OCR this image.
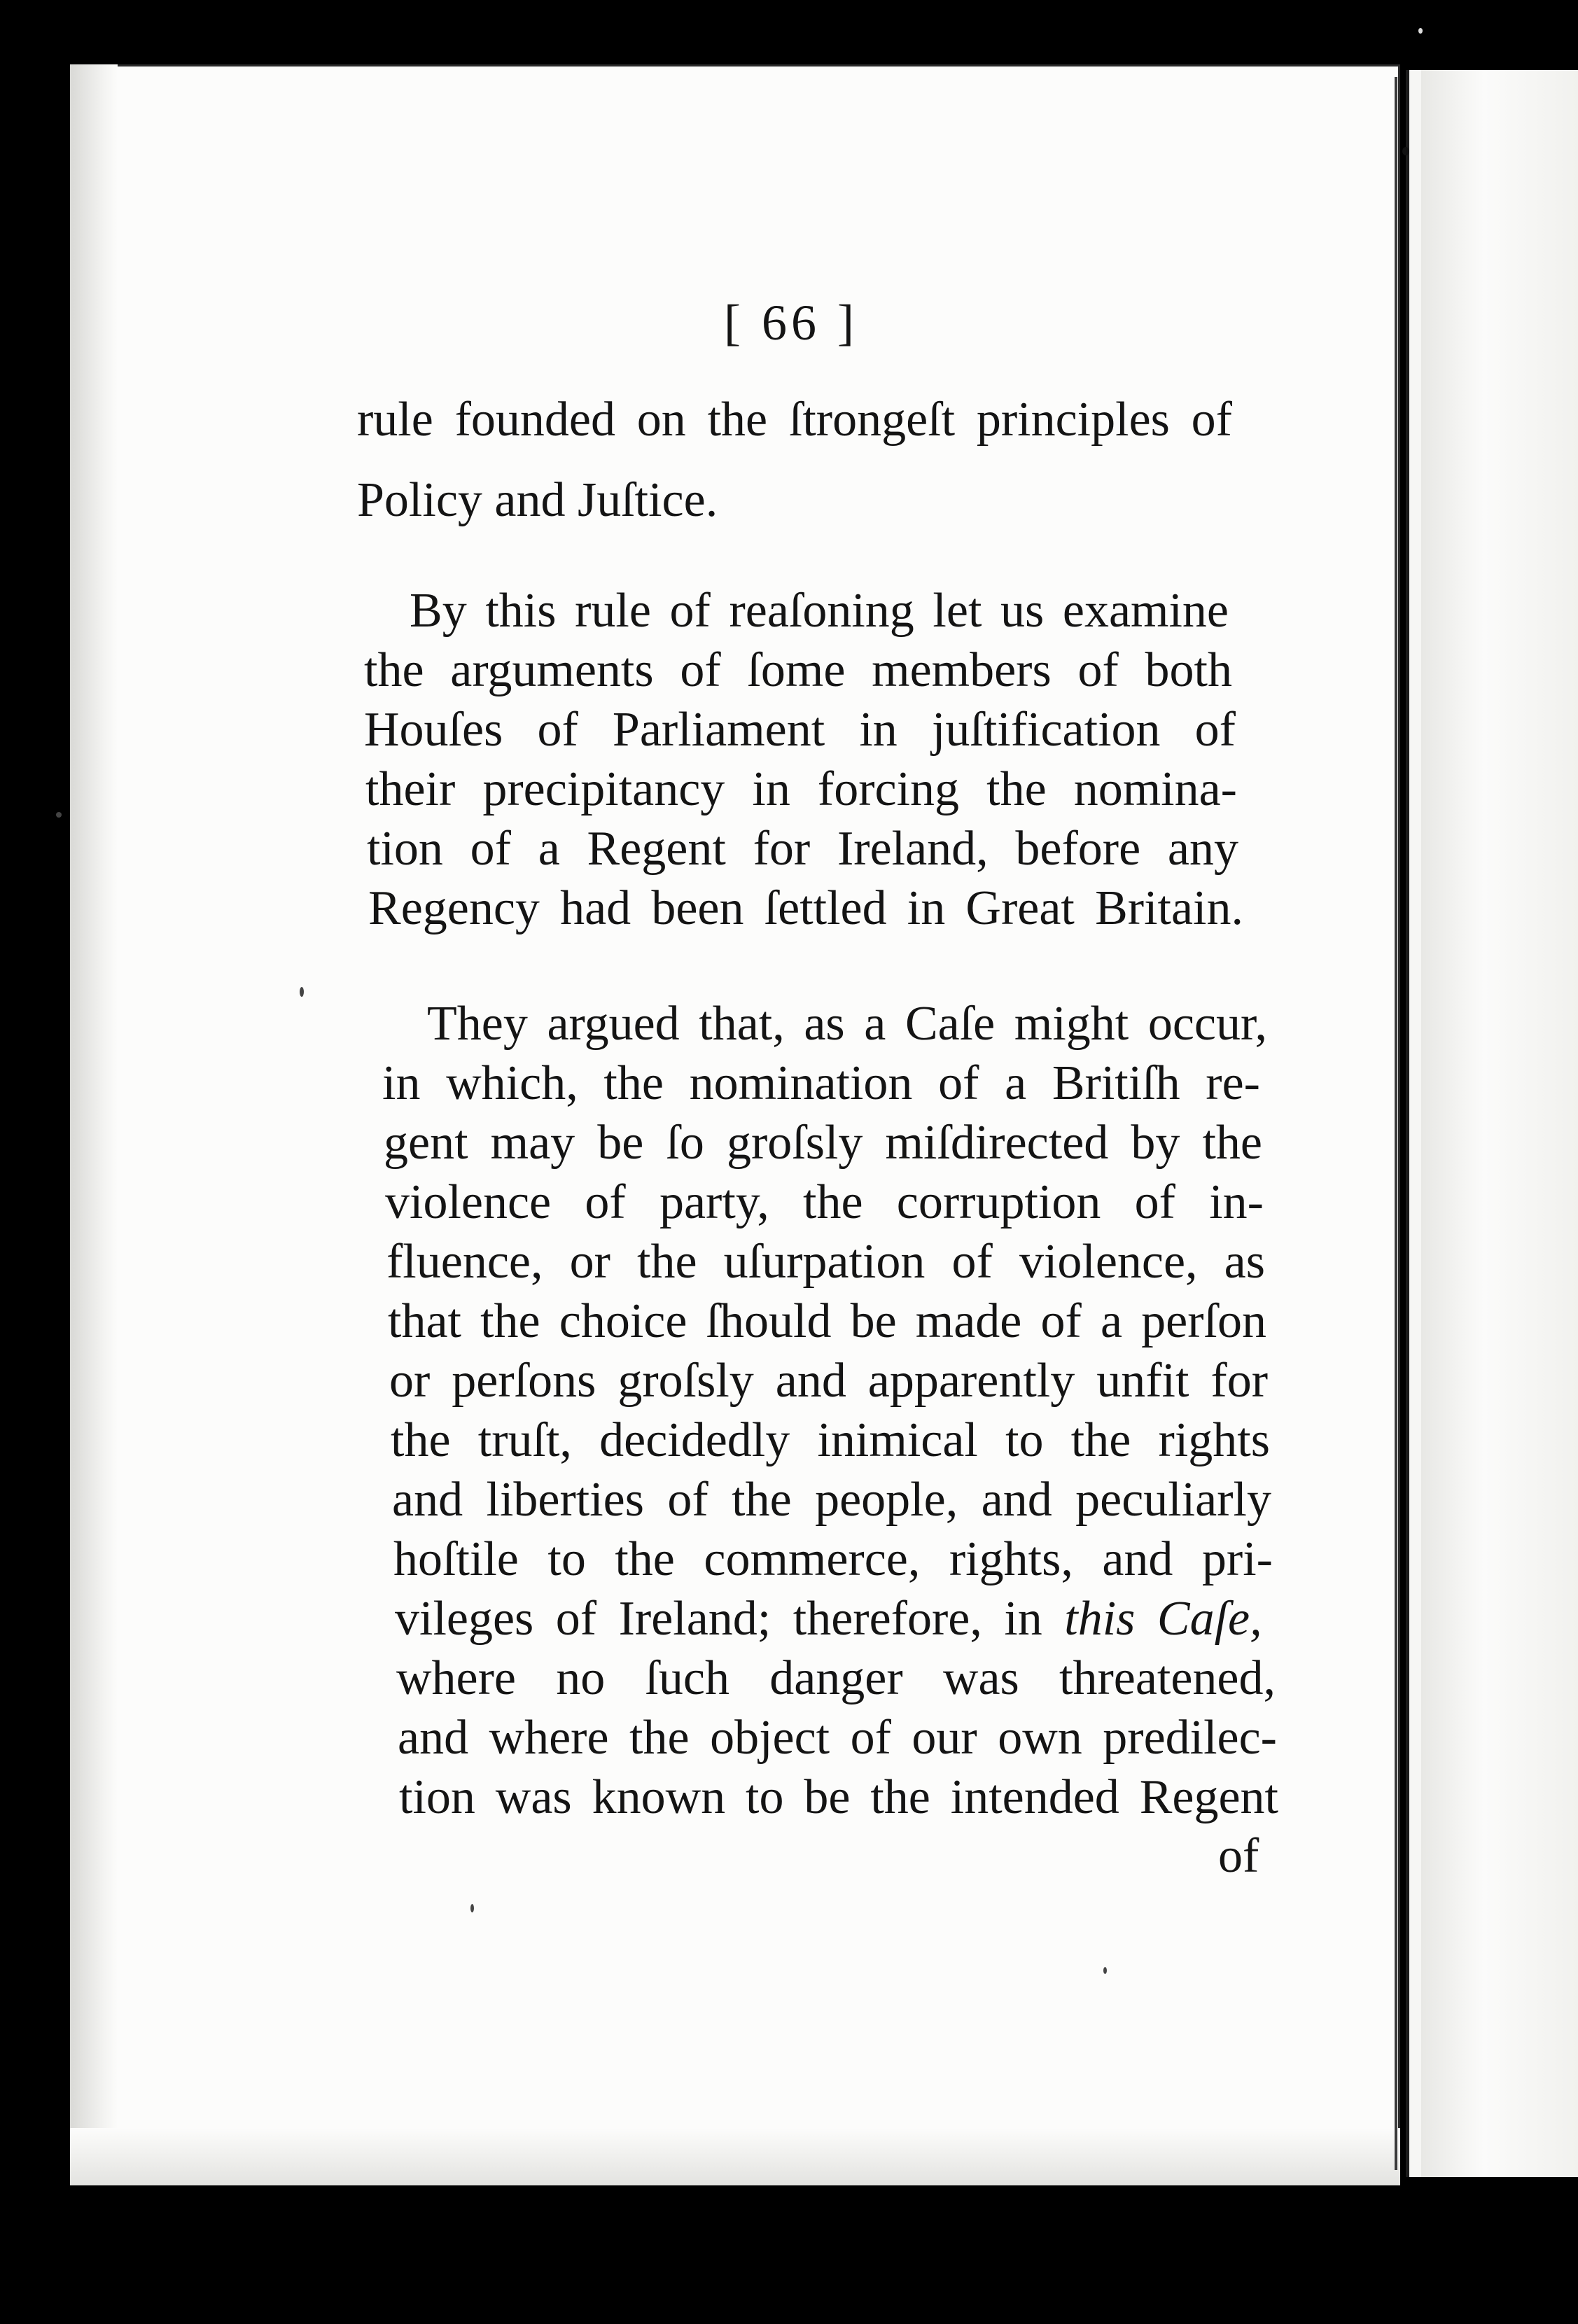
[ 66 ]
rule founded on the ſtrongeſt principles of
Policy and Juſtice.
By this rule of reaſoning let us examine
the arguments of ſome members of both
Houſes of Parliament in juſtification of
their precipitancy in forcing the nomina-
tion of a Regent for Ireland, before any
Regency had been ſettled in Great Britain.
They argued that, as a Caſe might occur,
in which, the nomination of a Britiſh re-
gent may be ſo groſsly miſdirected by the
violence of party, the corruption of in-
fluence, or the uſurpation of violence, as
that the choice ſhould be made of a perſon
or perſons groſsly and apparently unfit for
the truſt, decidedly inimical to the rights
and liberties of the people, and peculiarly
hoſtile to the commerce, rights, and pri-
vileges of Ireland; therefore, in this Caſe,
where no ſuch danger was threatened,
and where the object of our own predilec-
tion was known to be the intended Regent
of
